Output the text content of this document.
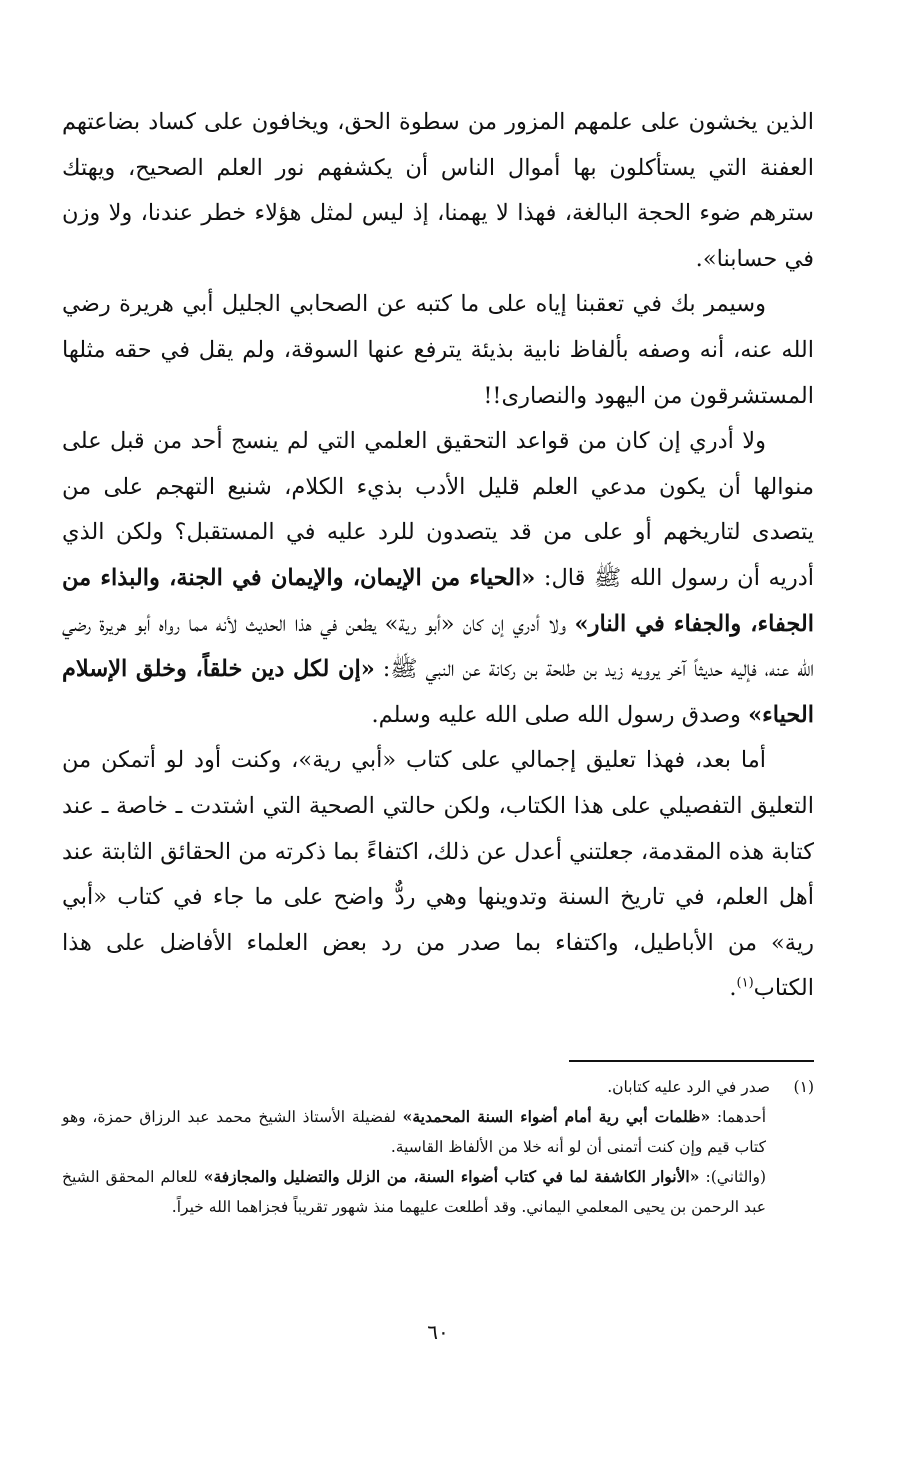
الذين يخشون على علمهم المزور من سطوة الحق، ويخافون على كساد بضاعتهم العفنة التي يستأكلون بها أموال الناس أن يكشفهم نور العلم الصحيح، ويهتك سترهم ضوء الحجة البالغة، فهذا لا يهمنا، إذ ليس لمثل هؤلاء خطر عندنا، ولا وزن في حسابنا».

وسيمر بك في تعقبنا إياه على ما كتبه عن الصحابي الجليل أبي هريرة رضي الله عنه، أنه وصفه بألفاظ نابية بذيئة يترفع عنها السوقة، ولم يقل في حقه مثلها المستشرقون من اليهود والنصارى!!

ولا أدري إن كان من قواعد التحقيق العلمي التي لم ينسج أحد من قبل على منوالها أن يكون مدعي العلم قليل الأدب بذيء الكلام، شنيع التهجم على من يتصدى لتاريخهم أو على من قد يتصدون للرد عليه في المستقبل؟ ولكن الذي أدريه أن رسول الله ﷺ قال: «الحياء من الإيمان، والإيمان في الجنة، والبذاء من الجفاء، والجفاء في النار» ولا أدري إن كان «أبو رية» يطعن في هذا الحديث لأنه مما رواه أبو هريرة رضي الله عنه، فإليه حديثاً آخر يرويه زيد بن طلحة بن ركانة عن النبي ﷺ: «إن لكل دين خلقاً، وخلق الإسلام الحياء» وصدق رسول الله صلى الله عليه وسلم.

أما بعد، فهذا تعليق إجمالي على كتاب «أبي رية»، وكنت أود لو أتمكن من التعليق التفصيلي على هذا الكتاب، ولكن حالتي الصحية التي اشتدت ـ خاصة ـ عند كتابة هذه المقدمة، جعلتني أعدل عن ذلك، اكتفاءً بما ذكرته من الحقائق الثابتة عند أهل العلم، في تاريخ السنة وتدوينها وهي ردٌّ واضح على ما جاء في كتاب «أبي رية» من الأباطيل، واكتفاء بما صدر من رد بعض العلماء الأفاضل على هذا الكتاب$^{(١)}$.

(١)صدر في الرد عليه كتابان.

أحدهما: «ظلمات أبي رية أمام أضواء السنة المحمدية» لفضيلة الأستاذ الشيخ محمد عبد الرزاق حمزة، وهو كتاب قيم وإن كنت أتمنى أن لو أنه خلا من الألفاظ القاسية.

(والثاني): «الأنوار الكاشفة لما في كتاب أضواء السنة، من الزلل والتضليل والمجازفة» للعالم المحقق الشيخ عبد الرحمن بن يحيى المعلمي اليماني. وقد أطلعت عليهما منذ شهور تقريباً فجزاهما الله خيراً.

٦٠
